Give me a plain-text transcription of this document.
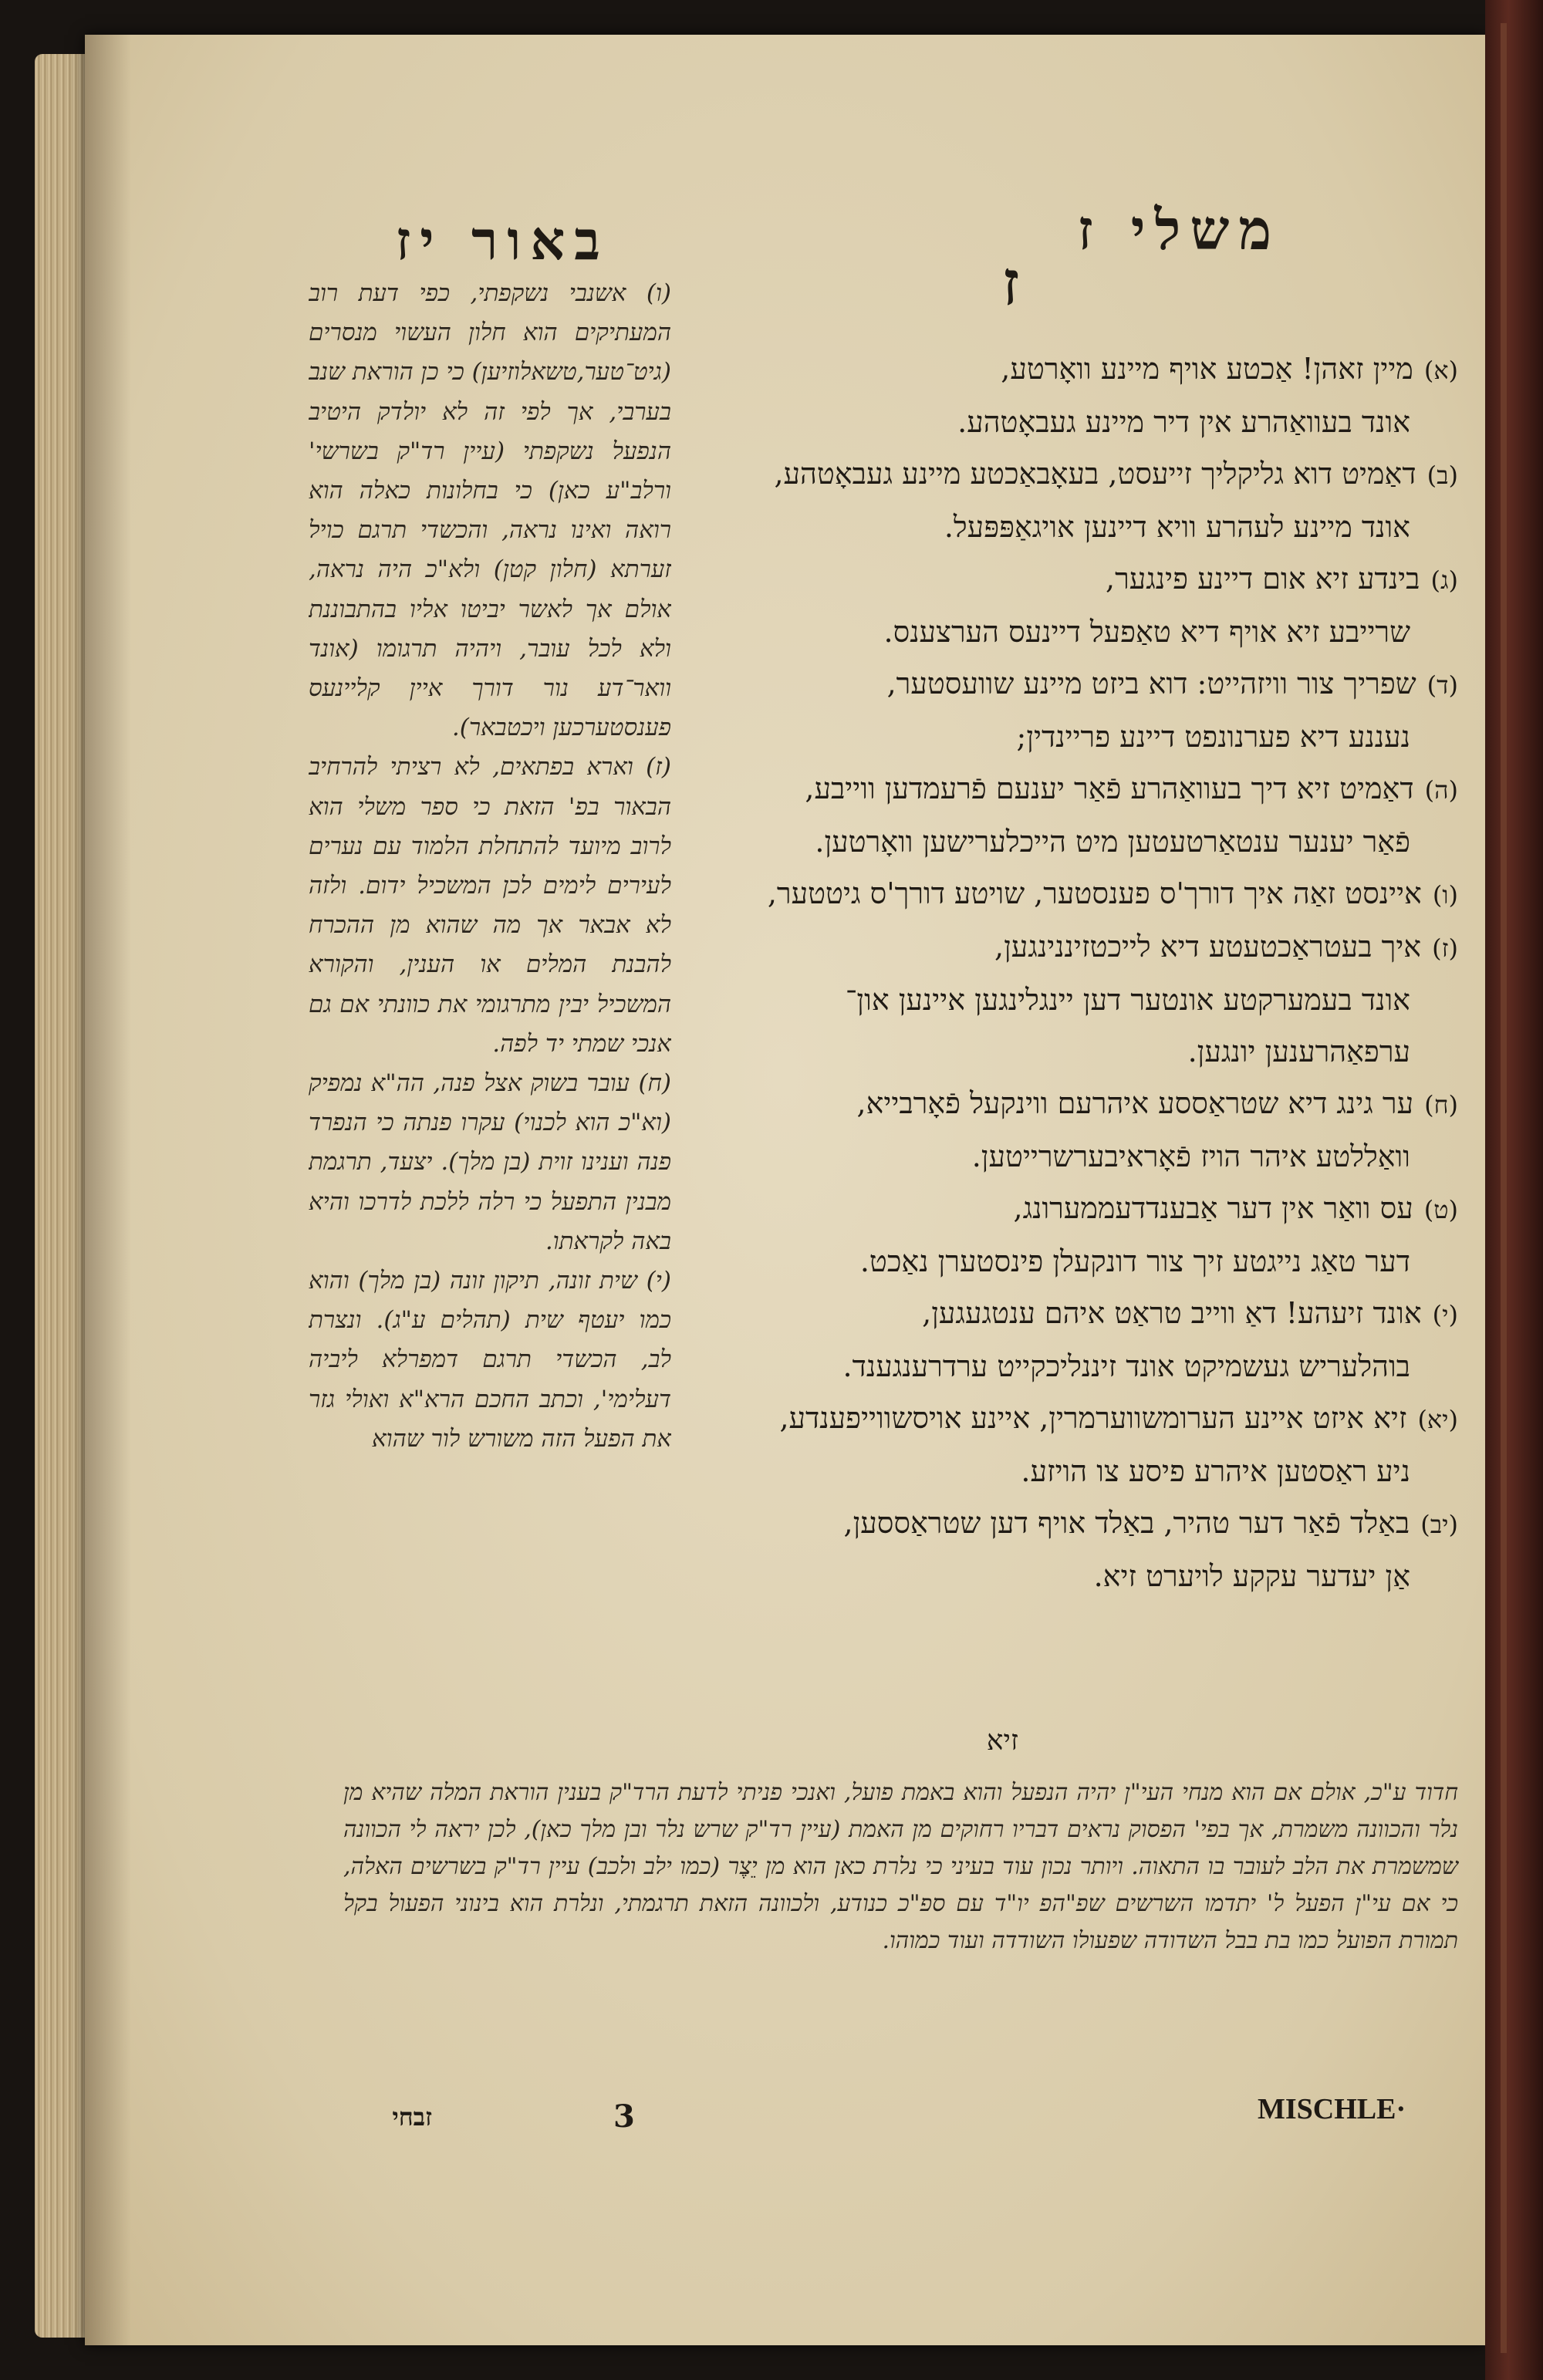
משלי ז
ז
באור יז

(ו) אשנבי נשקפתי, כפי דעת רוב המעתיקים הוא חלון העשוי מנסרים (גיט־טער,טשאלוזיען) כי כן הוראת שנב בערבי, אך לפי זה לא יולדק היטיב הנפעל נשקפתי (עיין רד"ק בשרשי' ורלב"ע כאן) כי בחלונות כאלה הוא רואה ואינו נראה, והכשדי תרגם כויל זערתא (חלון קטן) ולא"כ היה נראה, אולם אך לאשר יביטו אליו בהתבוננת ולא לכל עובר, ויהיה תרגומו (אונד וואר־דע נור דורך איין קליינעס פענסטערכען ויכטבאר).

(ז) וארא בפתאים, לא רציתי להרחיב הבאור בפ' הזאת כי ספר משלי הוא לרוב מיועד להתחלת הלמוד עם נערים לעירים לימים לכן המשכיל ידום. ולזה לא אבאר אך מה שהוא מן ההכרח להבנת המלים או הענין, והקורא המשכיל יבין מתרגומי את כוונתי אם גם אנכי שמתי יד לפה.

(ח) עובר בשוק אצל פנה, הה"א נמפיק (וא"כ הוא לכנוי) עקרו פנתה כי הנפרד פנה וענינו זוית (בן מלך). יצעד, תרגמת מבנין התפעל כי רלה ללכת לדרכו והיא באה לקראתו.

(י) שית זונה, תיקון זונה (בן מלך) והוא כמו יעטף שית (תהלים ע"ג). ונצרת לב, הכשדי תרגם דמפרלא ליביה דעלימי', וכתב החכם הרא"א ואולי גזר את הפעל הזה משורש לור שהוא

(א)מיין זאהן! אַכטע אויף מיינע וואָרטע,
אונד בעוואַהרע אין דיר מיינע געבאָטהע.
(ב)דאַמיט דוא גליקליך זייעסט, בעאָבאַכטע מיינע געבאָטהע,
אונד מיינע לעהרע וויא דיינען אויגאַפּפּעל.
(ג)בינדע זיא אום דיינע פינגער,
שרייבע זיא אויף דיא טאַפעל דיינעס הערצענס.
(ד)שפריך צור וויזהייט: דוא ביזט מיינע שוועסטער,
נעננע דיא פערנונפט דיינע פריינדין;
(ה)דאַמיט זיא דיך בעוואַהרע פֿאַר יענעם פֿרעמדען ווייבע,
פֿאַר יענער ענטאַרטעטען מיט הייכלערישען וואָרטען.
(ו)איינסט זאַה איך דורך'ס פענסטער, שויטע דורך'ס גיטטער,
(ז)איך בעטראַכטעטע דיא לייכטזיננינגען,
אונד בעמערקטע אונטער דען יינגלינגען איינען און־
ערפאַהרענען יונגען.
(ח)ער גינג דיא שטראַססע איהרעם ווינקעל פֿאָרבייא,
וואַללטע איהר הויז פֿאָראיבערשרייטען.
(ט)עס וואַר אין דער אַבענדדעממערונג,
דער טאַג נייגטע זיך צור דונקעלן פינסטערן נאַכט.
(י)אונד זיעהע! דאַ ווייב טראַט איהם ענטגעגען,
בוהלעריש געשמיקט אונד זיננליכקייט ערדרענגענד.
(יא)זיא איזט איינע הערומשווערמרין, איינע אויסשווייפענדע,
ניע ראַסטען איהרע פיסע צו הויזע.
(יב)באַלד פֿאַר דער טהיר, באַלד אויף דען שטראַססען,
אַן יעדער עקקע לויערט זיא.
זיא
חדוד ע"כ, אולם אם הוא מנחי העי"ן יהיה הנפעל והוא באמת פועל, ואנכי פניתי לדעת הרד"ק בענין הוראת המלה שהיא מן נלר והכוונה משמרת, אך בפי' הפסוק נראים דבריו רחוקים מן האמת (עיין רד"ק שרש נלר ובן מלך כאן), לכן יראה לי הכוונה שמשמרת את הלב לעובר בו התאוה. ויותר נכון עוד בעיני כי נלרת כאן הוא מן יֵצֶר (כמו ילב ולכב) עיין רד"ק בשרשים האלה, כי אם עי"ן הפעל ל' יתדמו השרשים שפ"הפ יו"ד עם ספ"כ כנודע, ולכוונה הזאת תרגמתי, ונלרת הוא בינוני הפעול בקל תמורת הפועל כמו בת בבל השדודה שפעולו השודדה ועוד כמוהו.
זבחי	3	MISCHLE·
